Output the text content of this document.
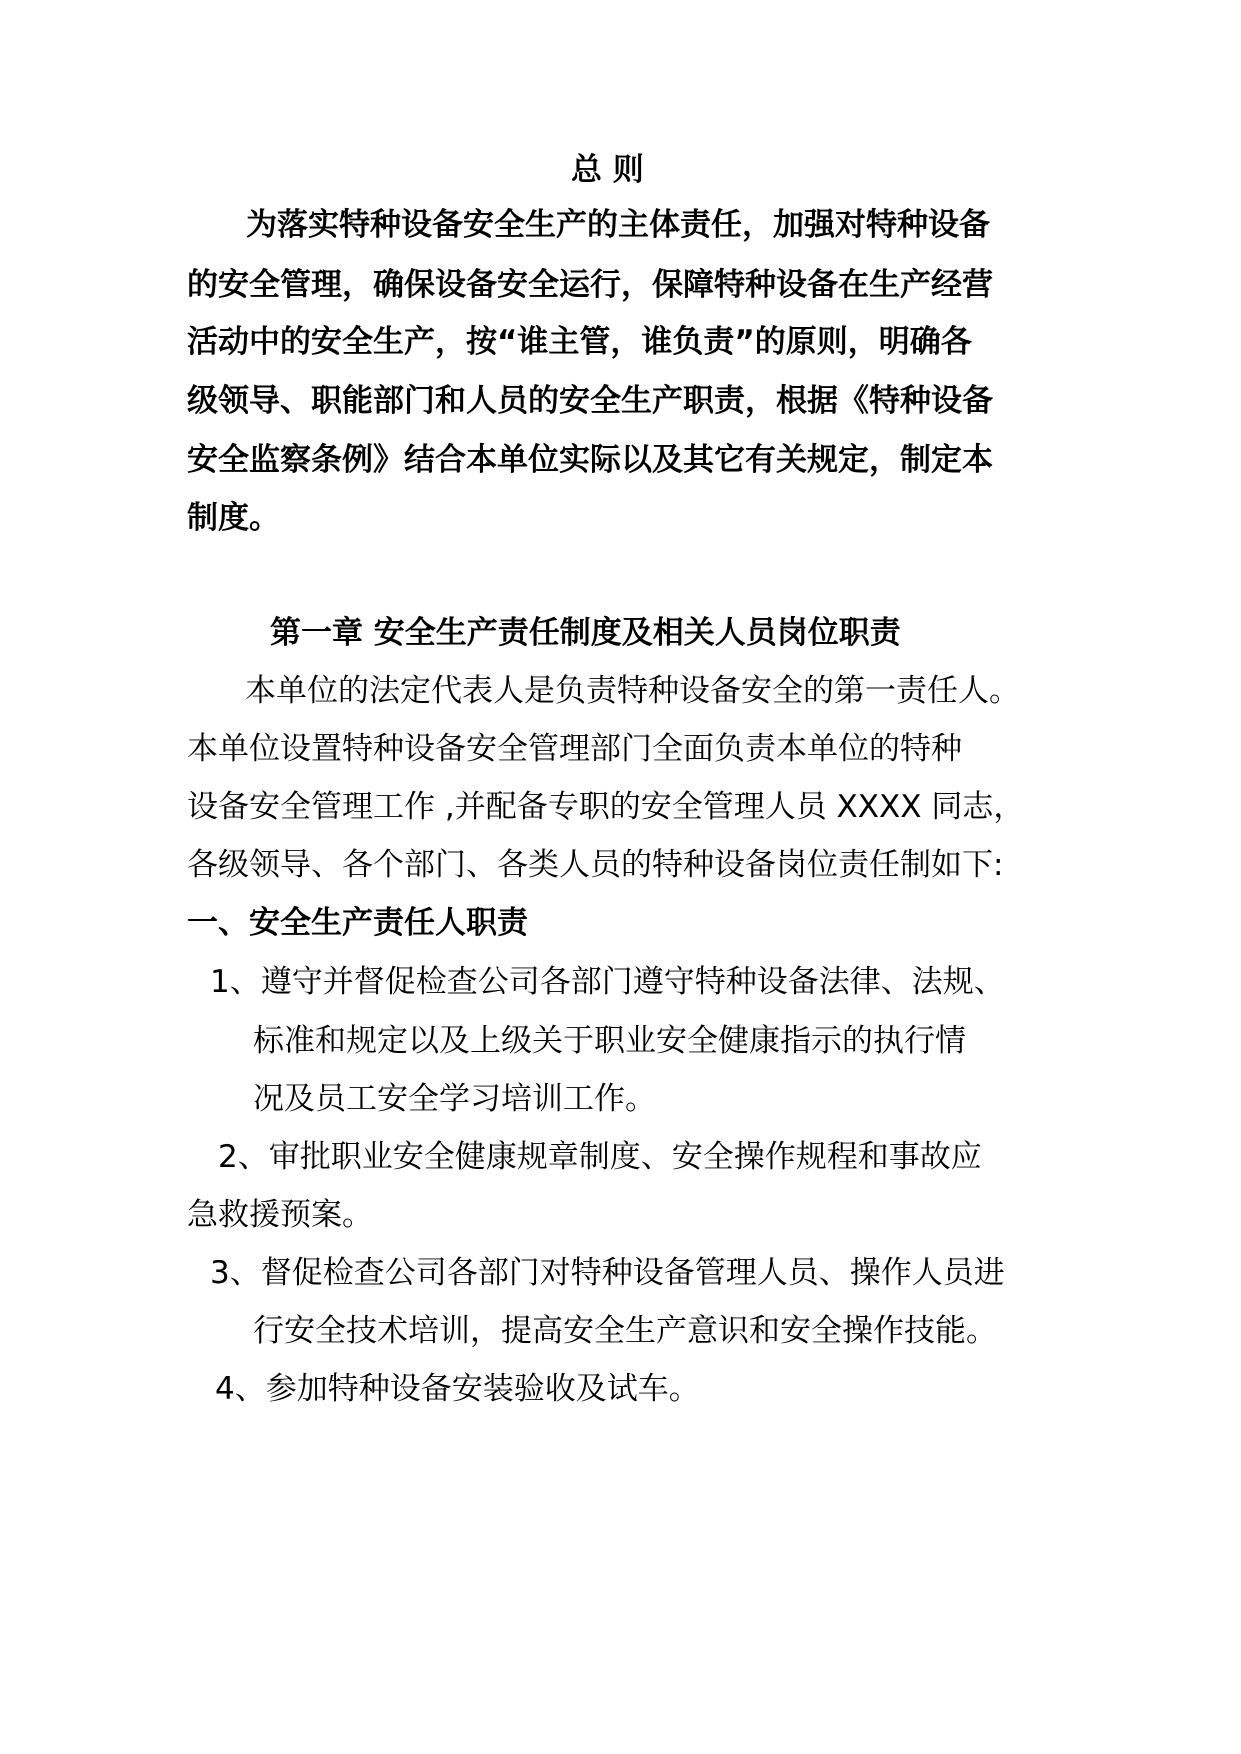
总 则
为落实特种设备安全生产的主体责任，加强对特种设备
的安全管理，确保设备安全运行，保障特种设备在生产经营
活动中的安全生产，按“谁主管，谁负责”的原则，明确各
级领导、职能部门和人员的安全生产职责，根据《特种设备
安全监察条例》结合本单位实际以及其它有关规定，制定本
制度。
第一章 安全生产责任制度及相关人员岗位职责
本单位的法定代表人是负责特种设备安全的第一责任人。
本单位设置特种设备安全管理部门全面负责本单位的特种
设备安全管理工作 ,并配备专职的安全管理人员 XXXX 同志，
各级领导、各个部门、各类人员的特种设备岗位责任制如下:
一、安全生产责任人职责
1、遵守并督促检查公司各部门遵守特种设备法律、法规、
标准和规定以及上级关于职业安全健康指示的执行情
况及员工安全学习培训工作。
2、审批职业安全健康规章制度、安全操作规程和事故应
急救援预案。
3、督促检查公司各部门对特种设备管理人员、操作人员进
行安全技术培训，提高安全生产意识和安全操作技能。
4、参加特种设备安装验收及试车。
